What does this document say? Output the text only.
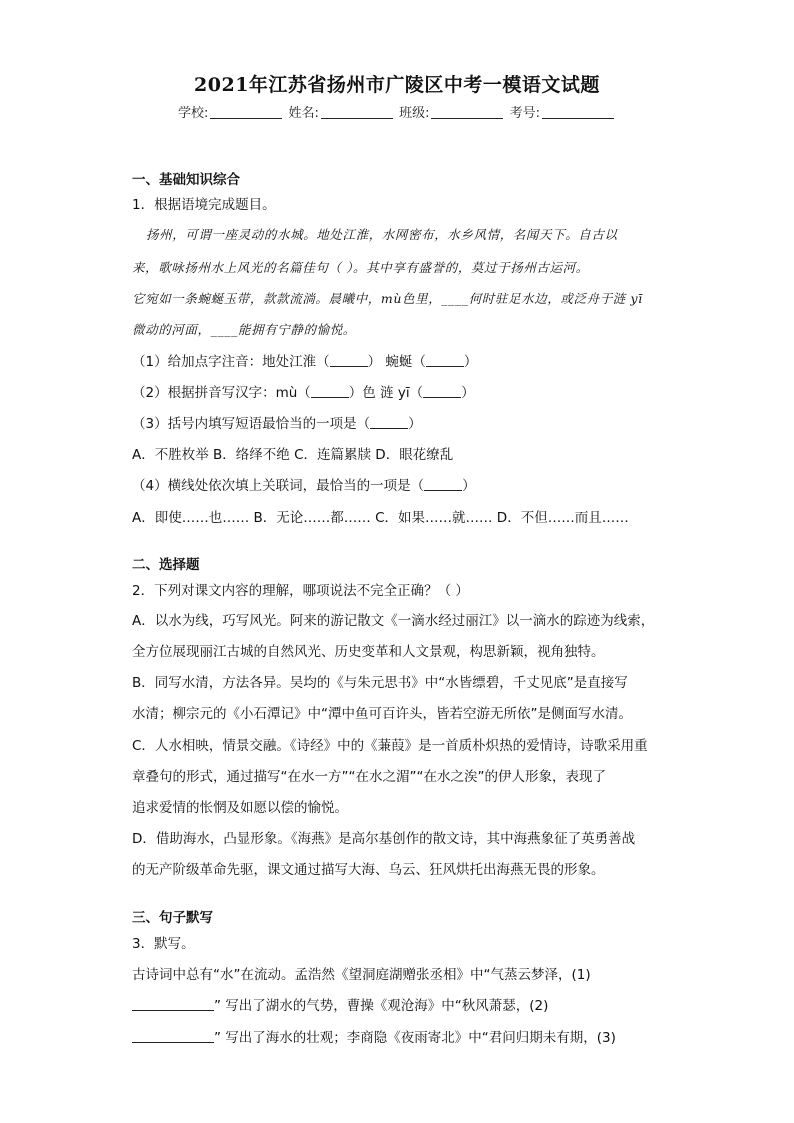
2021年江苏省扬州市广陵区中考一模语文试题
学校:	姓名:	班级:	考号:
一、基础知识综合
1．根据语境完成题目。
扬州，可谓一座灵动的水城。地处江淮，水网密布，水乡风情，名闻天下。自古以
来，歌咏扬州水上风光的名篇佳句（ ）。其中享有盛誉的，莫过于扬州古运河。
它宛如一条蜿蜒玉带，款款流淌。晨曦中，mù色里，____何时驻足水边，或泛舟于涟 yī
微动的河面，____能拥有宁静的愉悦。
（1）给加点字注音：地处江淮（	） 蜿蜒（	）
（2）根据拼音写汉字：mù（	）色 涟 yī（	）
（3）括号内填写短语最恰当的一项是（	）
A．不胜枚举 B．络绎不绝 C．连篇累牍 D．眼花缭乱
（4）横线处依次填上关联词，最恰当的一项是（	）
A．即使……也…… B．无论……都…… C．如果……就…… D．不但……而且……
二、选择题
2．下列对课文内容的理解，哪项说法不完全正确？（ ）
A．以水为线，巧写风光。阿来的游记散文《一滴水经过丽江》以一滴水的踪迹为线索，
全方位展现丽江古城的自然风光、历史变革和人文景观，构思新颖，视角独特。
B．同写水清，方法各异。吴均的《与朱元思书》中“水皆缥碧，千丈见底”是直接写
水清；柳宗元的《小石潭记》中“潭中鱼可百许头，皆若空游无所依”是侧面写水清。
C．人水相映，情景交融。《诗经》中的《蒹葭》是一首质朴炽热的爱情诗，诗歌采用重
章叠句的形式，通过描写“在水一方”“在水之湄”“在水之涘”的伊人形象，表现了
追求爱情的怅惘及如愿以偿的愉悦。
D．借助海水，凸显形象。《海燕》是高尔基创作的散文诗，其中海燕象征了英勇善战
的无产阶级革命先驱，课文通过描写大海、乌云、狂风烘托出海燕无畏的形象。
三、句子默写
3．默写。
古诗词中总有“水”在流动。孟浩然《望洞庭湖赠张丞相》中“气蒸云梦泽，(1)
” 写出了湖水的气势，曹操《观沧海》中“秋风萧瑟，(2)
” 写出了海水的壮观；李商隐《夜雨寄北》中“君问归期未有期，(3)
